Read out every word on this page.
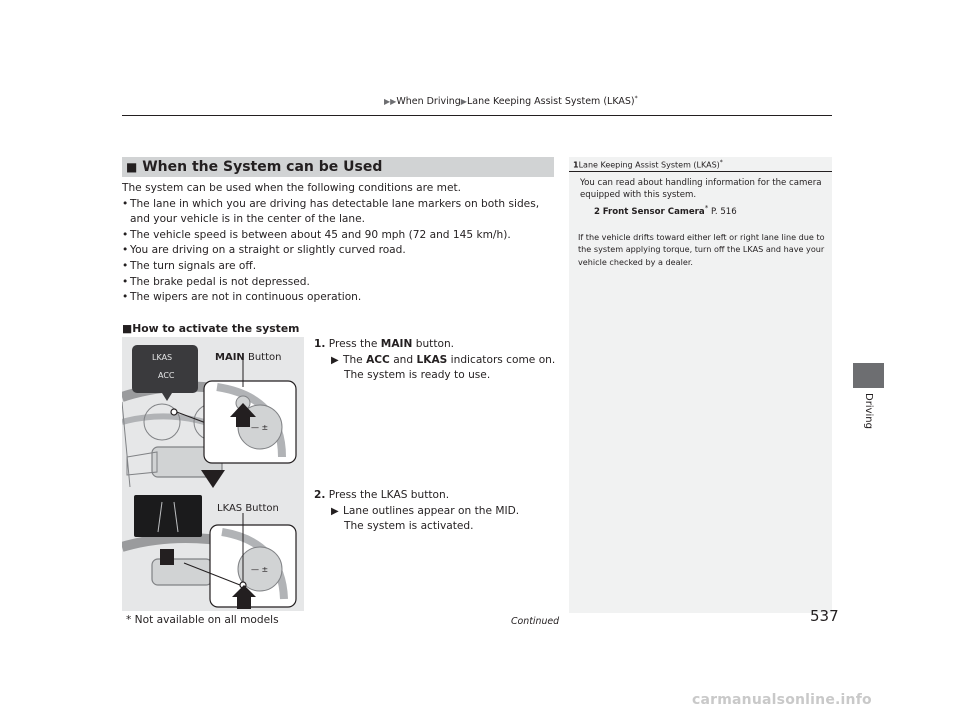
▶▶When Driving▶Lane Keeping Assist System (LKAS)*
Driving
■ When the System can be Used
The system can be used when the following conditions are met.
• The lane in which you are driving has detectable lane markers on both sides, and your vehicle is in the center of the lane.
• The vehicle speed is between about 45 and 90 mph (72 and 145 km/h).
• You are driving on a straight or slightly curved road.
• The turn signals are off.
• The brake pedal is not depressed.
• The wipers are not in continuous operation.
■How to activate the system
— ±
— ±
LKAS
ACC
MAIN Button
LKAS Button
1. Press the MAIN button.
▶ The ACC and LKAS indicators come on.
The system is ready to use.
2. Press the LKAS button.
▶ Lane outlines appear on the MID.
The system is activated.
1Lane Keeping Assist System (LKAS)*
You can read about handling information for the camera equipped with this system.
2 Front Sensor Camera* P. 516
If the vehicle drifts toward either left or right lane line due to the system applying torque, turn off the LKAS and have your vehicle checked by a dealer.
* Not available on all models	Continued	537
carmanualsonline.info
